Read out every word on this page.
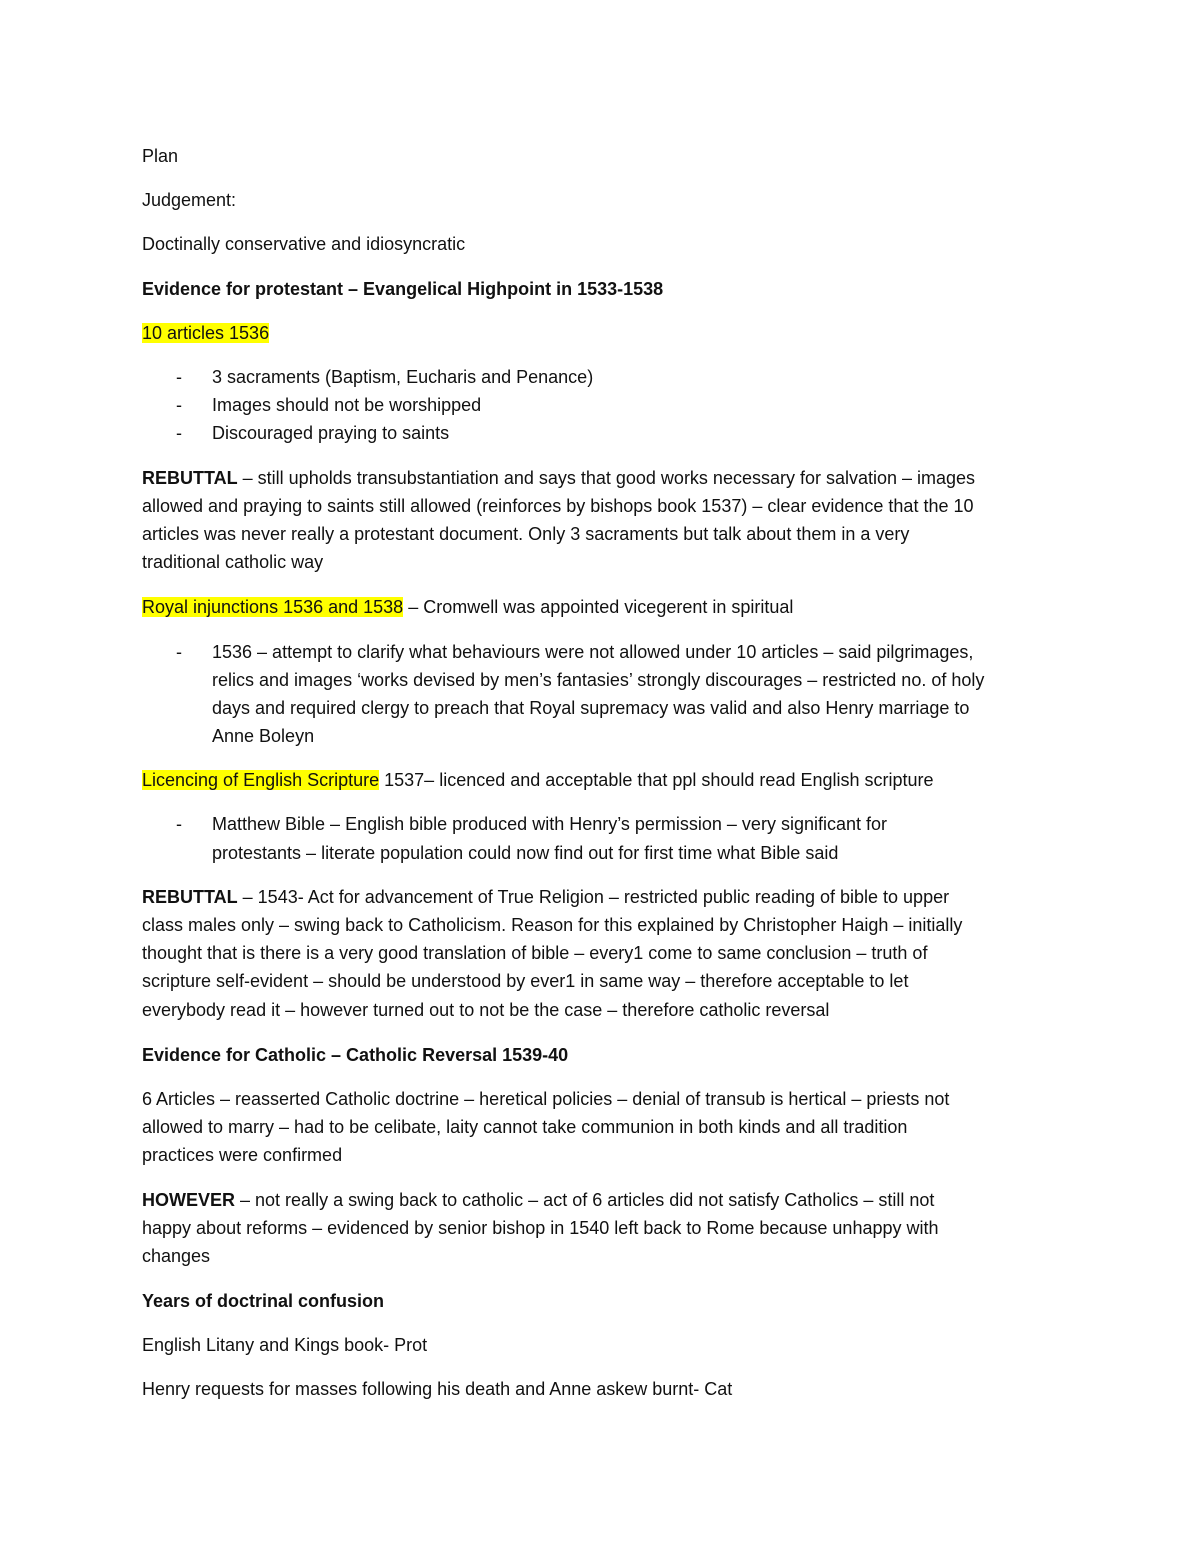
Plan
Judgement:
Doctinally conservative and idiosyncratic
Evidence for protestant – Evangelical Highpoint in 1533-1538
10 articles 1536
- 3 sacraments (Baptism, Eucharis and Penance)
- Images should not be worshipped
- Discouraged praying to saints
REBUTTAL – still upholds transubstantiation and says that good works necessary for salvation – images
allowed and praying to saints still allowed (reinforces by bishops book 1537) – clear evidence that the 10
articles was never really a protestant document. Only 3 sacraments but talk about them in a very
traditional catholic way
Royal injunctions 1536 and 1538 – Cromwell was appointed vicegerent in spiritual
- 1536 – attempt to clarify what behaviours were not allowed under 10 articles – said pilgrimages,
relics and images ‘works devised by men’s fantasies’ strongly discourages – restricted no. of holy
days and required clergy to preach that Royal supremacy was valid and also Henry marriage to
Anne Boleyn
Licencing of English Scripture 1537– licenced and acceptable that ppl should read English scripture
- Matthew Bible – English bible produced with Henry’s permission – very significant for
protestants – literate population could now find out for first time what Bible said
REBUTTAL – 1543- Act for advancement of True Religion – restricted public reading of bible to upper
class males only – swing back to Catholicism. Reason for this explained by Christopher Haigh – initially
thought that is there is a very good translation of bible – every1 come to same conclusion – truth of
scripture self-evident – should be understood by ever1 in same way – therefore acceptable to let
everybody read it – however turned out to not be the case – therefore catholic reversal
Evidence for Catholic – Catholic Reversal 1539-40
6 Articles – reasserted Catholic doctrine – heretical policies – denial of transub is hertical – priests not
allowed to marry – had to be celibate, laity cannot take communion in both kinds and all tradition
practices were confirmed
HOWEVER – not really a swing back to catholic – act of 6 articles did not satisfy Catholics – still not
happy about reforms – evidenced by senior bishop in 1540 left back to Rome because unhappy with
changes
Years of doctrinal confusion
English Litany and Kings book- Prot
Henry requests for masses following his death and Anne askew burnt- Cat
